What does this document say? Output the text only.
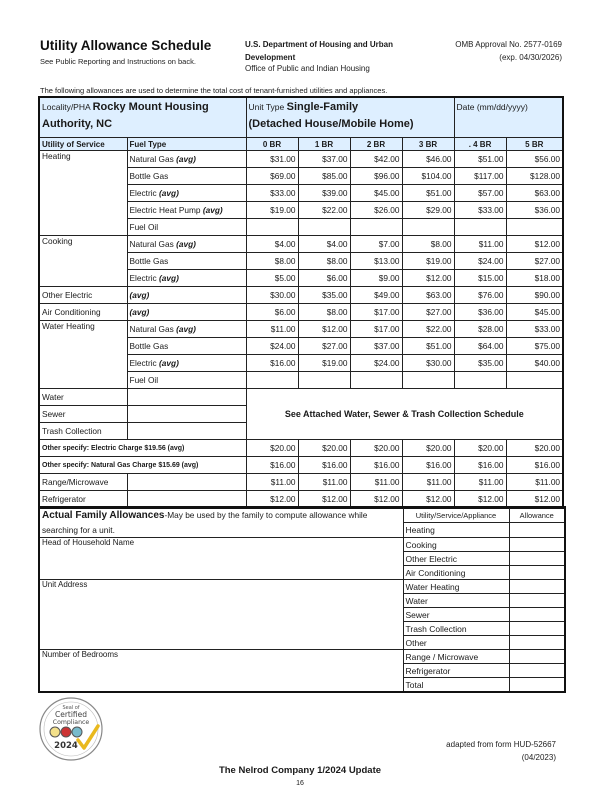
Utility Allowance Schedule
See Public Reporting and Instructions on back.
U.S. Department of Housing and Urban
Development
Office of Public and Indian Housing
OMB Approval No. 2577-0169
(exp. 04/30/2026)
The following allowances are used to determine the total cost of tenant-furnished utilities and appliances.
Locality/PHA Rocky Mount Housing
Authority, NC		Unit Type Single-Family
(Detached House/Mobile Home)				Date (mm/dd/yyyy)	
Utility of Service	Fuel Type	0 BR	1 BR	2 BR	3 BR	. 4 BR	5 BR
Heating	Natural Gas (avg)	$31.00	$37.00	$42.00	$46.00	$51.00	$56.00
	Bottle Gas	$69.00	$85.00	$96.00	$104.00	$117.00	$128.00
	Electric (avg)	$33.00	$39.00	$45.00	$51.00	$57.00	$63.00
	Electric Heat Pump (avg)	$19.00	$22.00	$26.00	$29.00	$33.00	$36.00
	Fuel Oil						
Cooking	Natural Gas (avg)	$4.00	$4.00	$7.00	$8.00	$11.00	$12.00
	Bottle Gas	$8.00	$8.00	$13.00	$19.00	$24.00	$27.00
	Electric (avg)	$5.00	$6.00	$9.00	$12.00	$15.00	$18.00
Other Electric	(avg)	$30.00	$35.00	$49.00	$63.00	$76.00	$90.00
Air Conditioning	(avg)	$6.00	$8.00	$17.00	$27.00	$36.00	$45.00
Water Heating	Natural Gas (avg)	$11.00	$12.00	$17.00	$22.00	$28.00	$33.00
	Bottle Gas	$24.00	$27.00	$37.00	$51.00	$64.00	$75.00
	Electric (avg)	$16.00	$19.00	$24.00	$30.00	$35.00	$40.00
	Fuel Oil						
Water		See Attached Water, Sewer & Trash Collection Schedule					
Sewer							
Trash Collection							
Other specify: Electric Charge $19.56 (avg)		$20.00	$20.00	$20.00	$20.00	$20.00	$20.00
Other specify: Natural Gas Charge $15.69 (avg)		$16.00	$16.00	$16.00	$16.00	$16.00	$16.00
Range/Microwave		$11.00	$11.00	$11.00	$11.00	$11.00	$11.00
Refrigerator		$12.00	$12.00	$12.00	$12.00	$12.00	$12.00
Actual Family Allowances-May be used by the family to compute allowance while searching for a unit.	Utility/Service/Appliance	Allowance
	Heating	
Head of Household Name	Cooking	
	Other Electric	
	Air Conditioning	
Unit Address	Water Heating	
	Water	
	Sewer	
	Trash Collection	
	Other	
Number of Bedrooms	Range / Microwave	
	Refrigerator	
	Total	
Seal of
Certified
Compliance
2024	adapted from form HUD-52667
(04/2023)
The Nelrod Company 1/2024 Update
16
